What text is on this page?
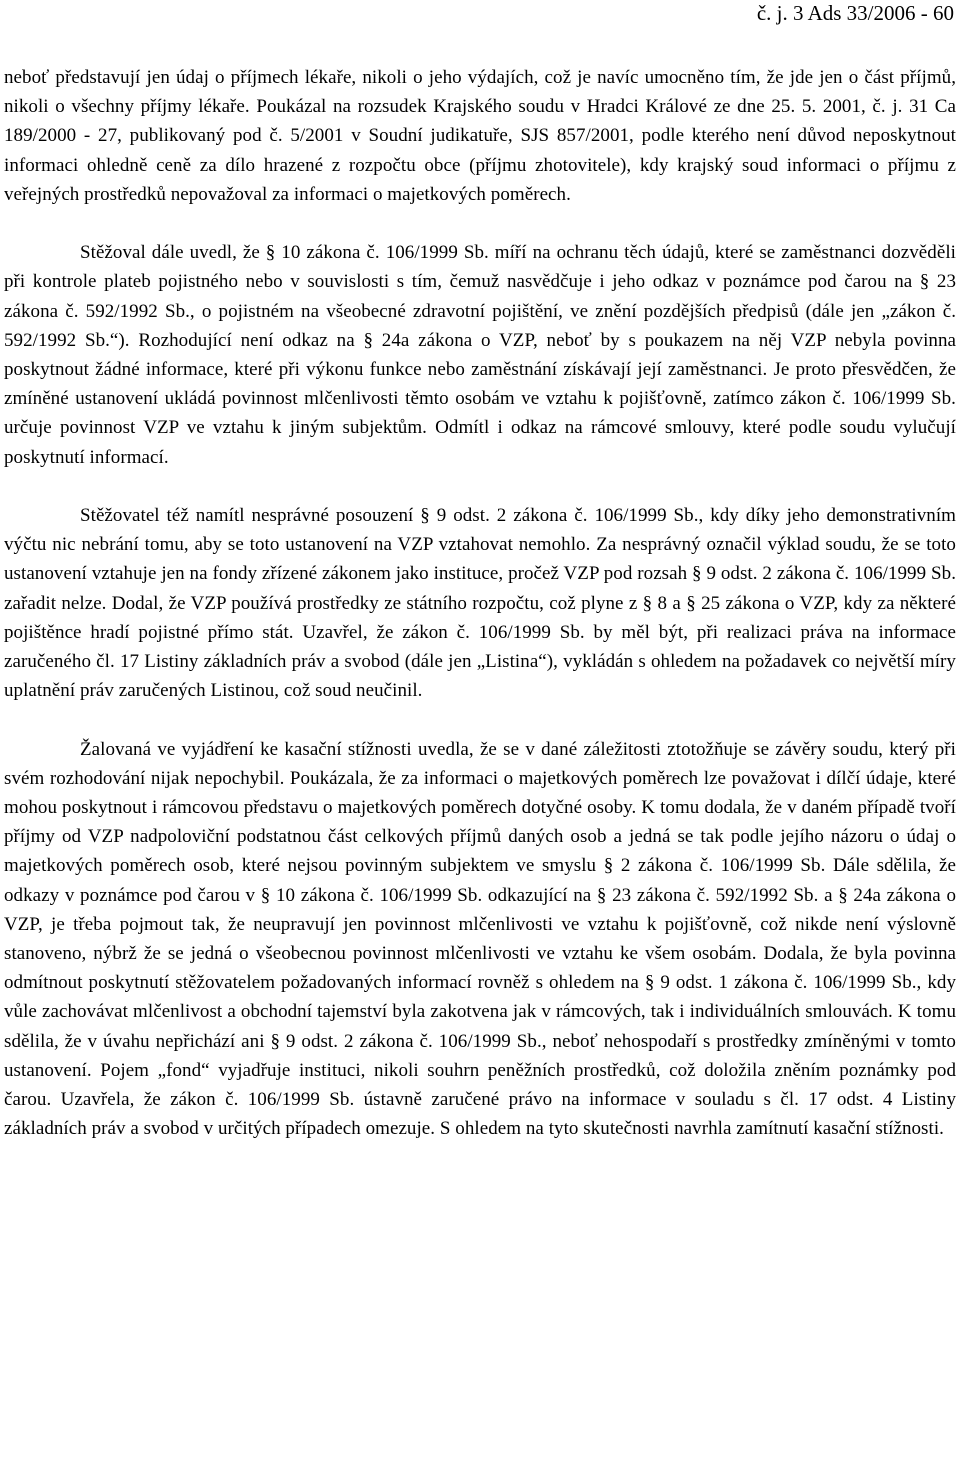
č. j. 3 Ads 33/2006 - 60

neboť představují jen údaj o příjmech lékaře, nikoli o jeho výdajích, což je navíc umocněno tím, že jde jen o část příjmů, nikoli o všechny příjmy lékaře. Poukázal na rozsudek Krajského soudu v Hradci Králové ze dne 25. 5. 2001, č. j. 31 Ca 189/2000 - 27, publikovaný pod č. 5/2001 v Soudní judikatuře, SJS 857/2001, podle kterého není důvod neposkytnout informaci ohledně ceně za dílo hrazené z rozpočtu obce (příjmu zhotovitele), kdy krajský soud informaci o příjmu z veřejných prostředků nepovažoval za informaci o majetkových poměrech.

Stěžoval dále uvedl, že § 10 zákona č. 106/1999 Sb. míří na ochranu těch údajů, které se zaměstnanci dozvěděli při kontrole plateb pojistného nebo v souvislosti s tím, čemuž nasvědčuje i jeho odkaz v poznámce pod čarou na § 23 zákona č. 592/1992 Sb., o pojistném na všeobecné zdravotní pojištění, ve znění pozdějších předpisů (dále jen „zákon č. 592/1992 Sb.“). Rozhodující není odkaz na § 24a zákona o VZP, neboť by s poukazem na něj VZP nebyla povinna poskytnout žádné informace, které při výkonu funkce nebo zaměstnání získávají její zaměstnanci. Je proto přesvědčen, že zmíněné ustanovení ukládá povinnost mlčenlivosti těmto osobám ve vztahu k pojišťovně, zatímco zákon č. 106/1999 Sb. určuje povinnost VZP ve vztahu k jiným subjektům. Odmítl i odkaz na rámcové smlouvy, které podle soudu vylučují poskytnutí informací.

Stěžovatel též namítl nesprávné posouzení § 9 odst. 2 zákona č. 106/1999 Sb., kdy díky jeho demonstrativním výčtu nic nebrání tomu, aby se toto ustanovení na VZP vztahovat nemohlo. Za nesprávný označil výklad soudu, že se toto ustanovení vztahuje jen na fondy zřízené zákonem jako instituce, pročež VZP pod rozsah § 9 odst. 2 zákona č. 106/1999 Sb. zařadit nelze. Dodal, že VZP používá prostředky ze státního rozpočtu, což plyne z § 8 a § 25 zákona o VZP, kdy za některé pojištěnce hradí pojistné přímo stát. Uzavřel, že zákon č. 106/1999 Sb. by měl být, při realizaci práva na informace zaručeného čl. 17 Listiny základních práv a svobod (dále jen „Listina“), vykládán s ohledem na požadavek co největší míry uplatnění práv zaručených Listinou, což soud neučinil.

Žalovaná ve vyjádření ke kasační stížnosti uvedla, že se v dané záležitosti ztotožňuje se závěry soudu, který při svém rozhodování nijak nepochybil. Poukázala, že za informaci o majetkových poměrech lze považovat i dílčí údaje, které mohou poskytnout i rámcovou představu o majetkových poměrech dotyčné osoby. K tomu dodala, že v daném případě tvoří příjmy od VZP nadpoloviční podstatnou část celkových příjmů daných osob a jedná se tak podle jejího názoru o údaj o majetkových poměrech osob, které nejsou povinným subjektem ve smyslu § 2 zákona č. 106/1999 Sb. Dále sdělila, že odkazy v poznámce pod čarou v § 10 zákona č. 106/1999 Sb. odkazující na § 23 zákona č. 592/1992 Sb. a § 24a zákona o VZP, je třeba pojmout tak, že neupravují jen povinnost mlčenlivosti ve vztahu k pojišťovně, což nikde není výslovně stanoveno, nýbrž že se jedná o všeobecnou povinnost mlčenlivosti ve vztahu ke všem osobám. Dodala, že byla povinna odmítnout poskytnutí stěžovatelem požadovaných informací rovněž s ohledem na § 9 odst. 1 zákona č. 106/1999 Sb., kdy vůle zachovávat mlčenlivost a obchodní tajemství byla zakotvena jak v rámcových, tak i individuálních smlouvách. K tomu sdělila, že v úvahu nepřichází ani § 9 odst. 2 zákona č. 106/1999 Sb., neboť nehospodaří s prostředky zmíněnými v tomto ustanovení. Pojem „fond“ vyjadřuje instituci, nikoli souhrn peněžních prostředků, což doložila zněním poznámky pod čarou. Uzavřela, že zákon č. 106/1999 Sb. ústavně zaručené právo na informace v souladu s čl. 17 odst. 4 Listiny základních práv a svobod v určitých případech omezuje. S ohledem na tyto skutečnosti navrhla zamítnutí kasační stížnosti.
